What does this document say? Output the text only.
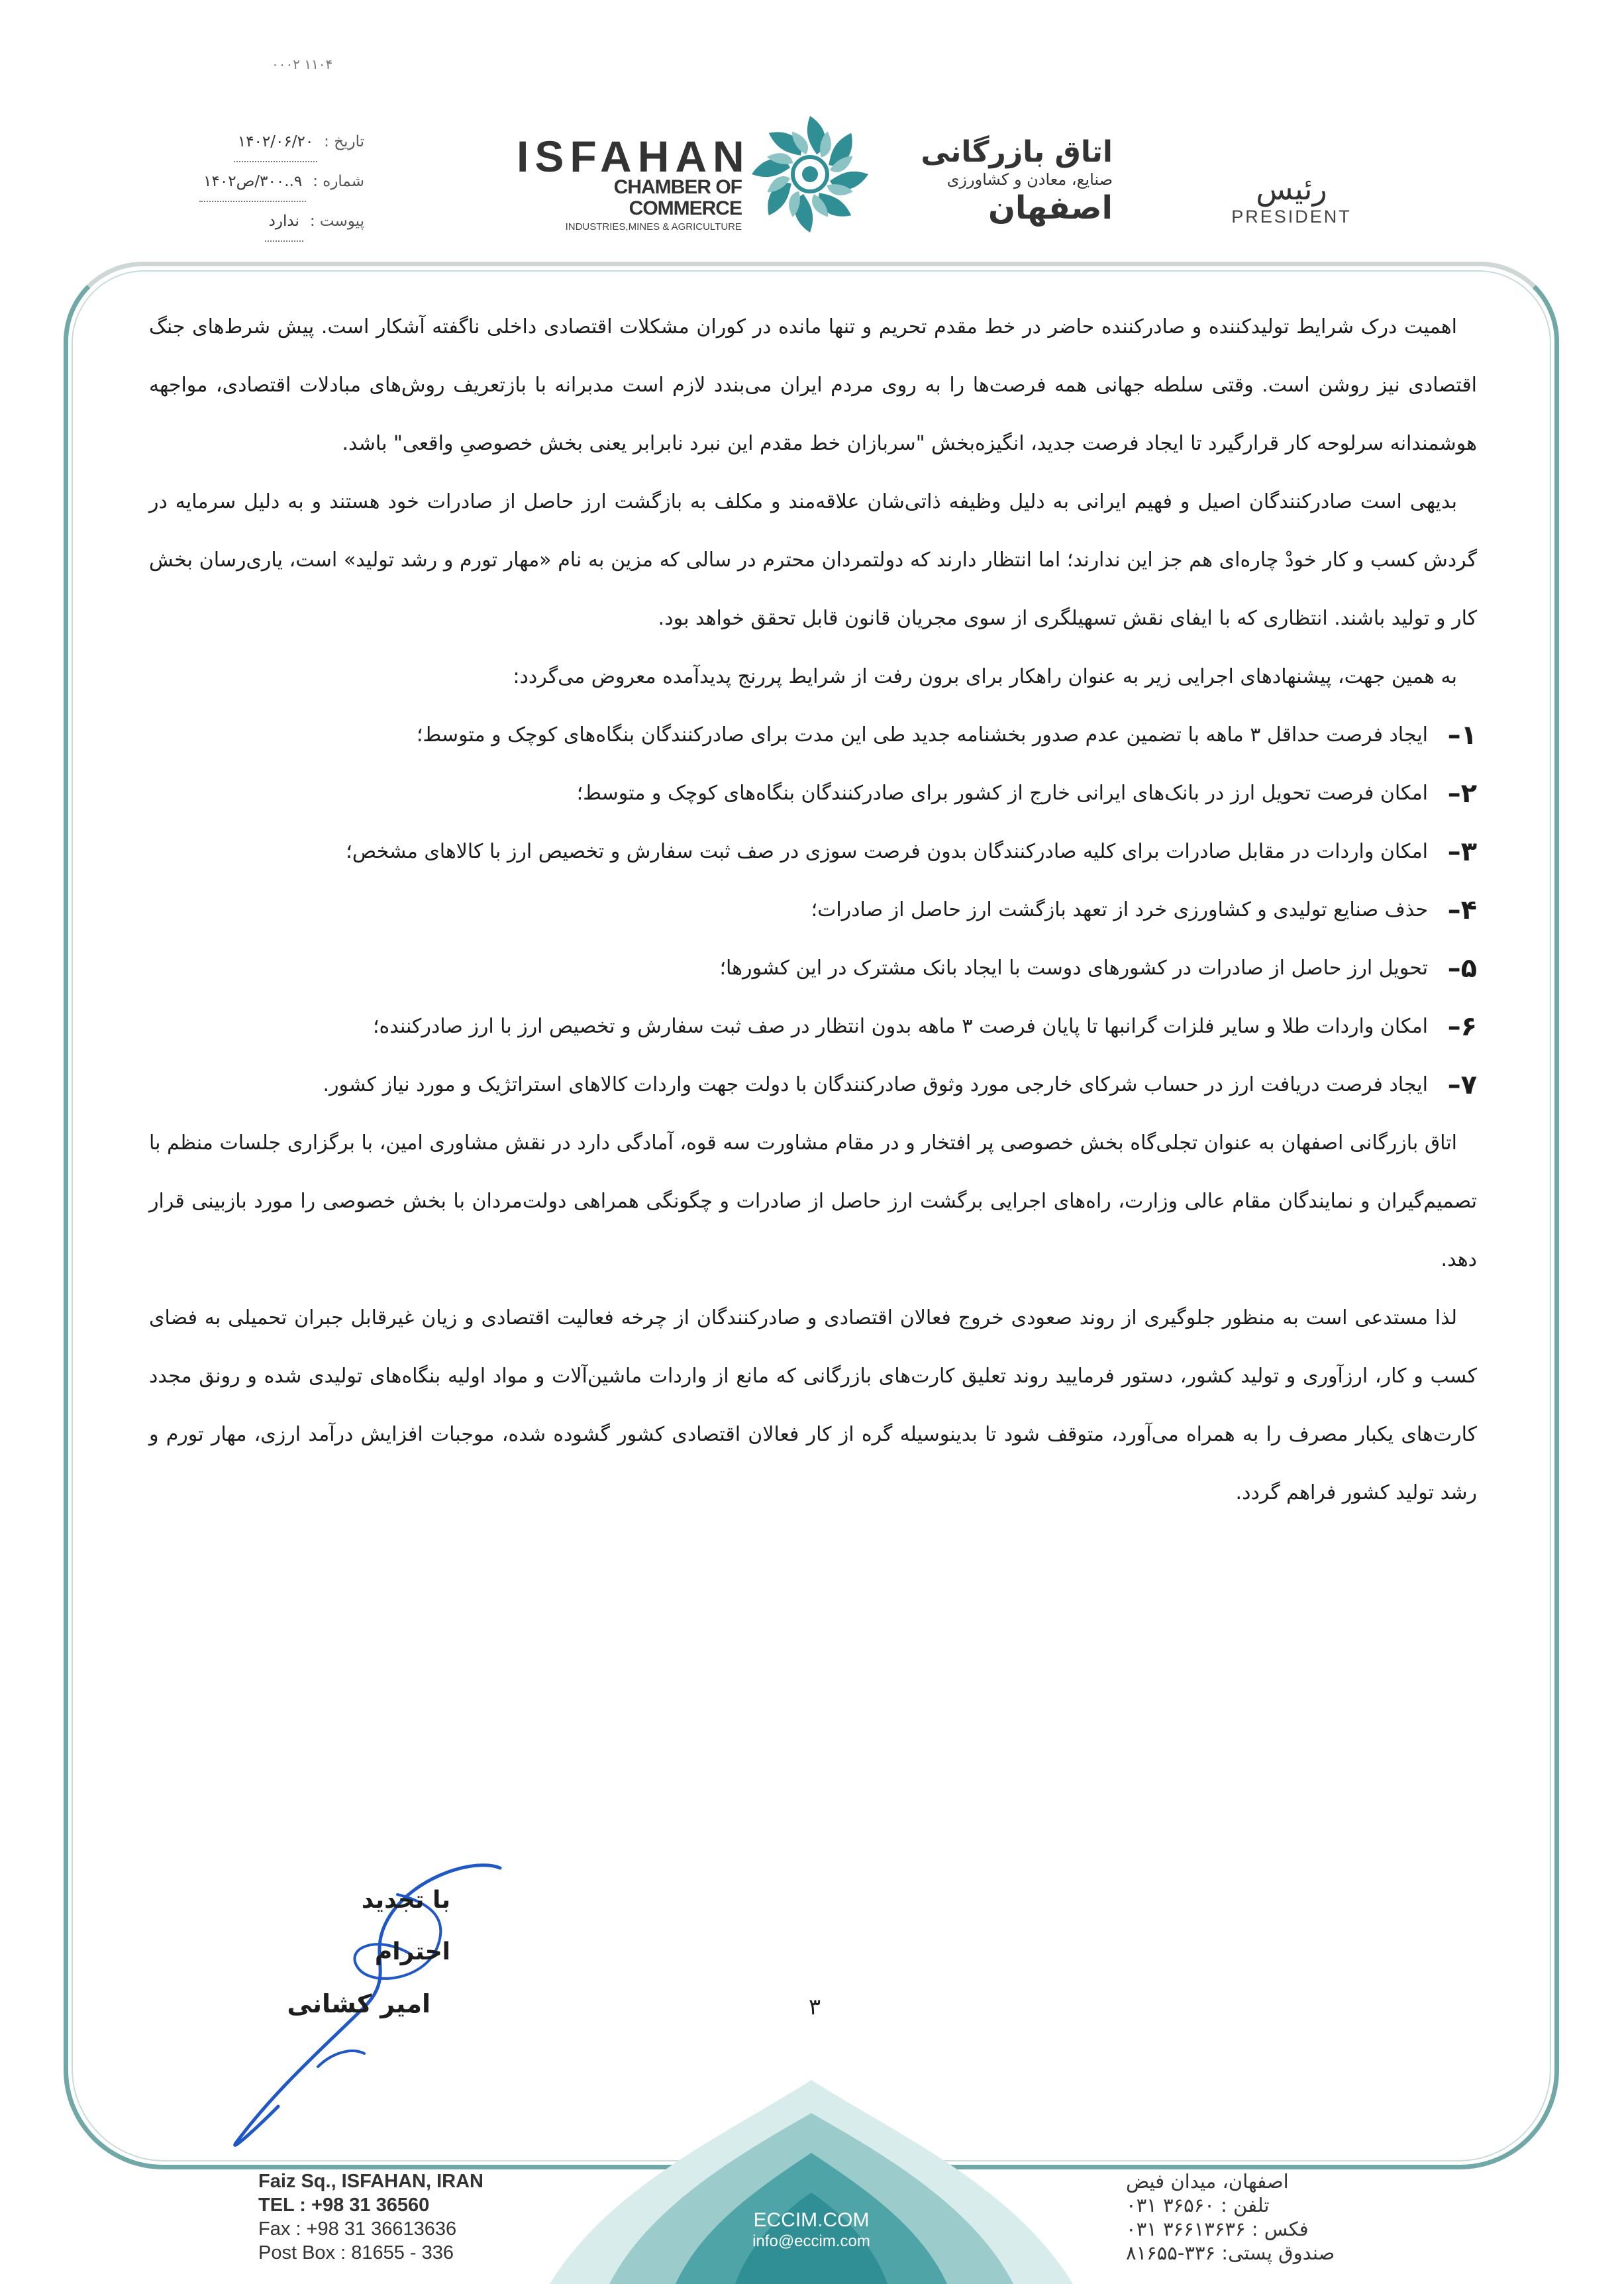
۰۰۰۲ ۱۱۰۴
تاریخ :
۱۴۰۲/۰۶/۲۰
شماره :
۹..۳۰۰/ص۱۴۰۲
پیوست :
ندارد
ISFAHAN
CHAMBER OF COMMERCE
INDUSTRIES,MINES & AGRICULTURE
اتاق بازرگانی
صنایع، معادن و کشاورزی
اصفهان
رئیس
PRESIDENT

اهمیت درک شرایط تولیدکننده و صادرکننده حاضر در خط مقدم تحریم و تنها مانده در کوران مشکلات اقتصادی داخلی ناگفته آشکار است. پیش شرط‌های جنگ اقتصادی نیز روشن است. وقتی سلطه جهانی همه فرصت‌ها را به روی مردم ایران می‌بندد لازم است مدبرانه با بازتعریف روش‌های مبادلات اقتصادی، مواجهه هوشمندانه سرلوحه کار قرارگیرد تا ایجاد فرصت جدید، انگیزه‌بخش "سربازان خط مقدم این نبرد نابرابر یعنی بخش خصوصیِ واقعی" باشد.

بدیهی است صادرکنندگان اصیل و فهیم ایرانی به دلیل وظیفه ذاتی‌شان علاقه‌مند و مکلف به بازگشت ارز حاصل از صادرات خود هستند و به دلیل سرمایه در گردش کسب و کار خودْ چاره‌ای هم جز این ندارند؛ اما انتظار دارند که دولتمردان محترم در سالی که مزین به نام «مهار تورم و رشد تولید» است، یاری‌رسان بخش کار و تولید باشند. انتظاری که با ایفای نقش تسهیلگری از سوی مجریان قانون قابل تحقق خواهد بود.

به همین جهت، پیشنهادهای اجرایی زیر به عنوان راهکار برای برون رفت از شرایط پررنج پدیدآمده معروض می‌گردد:

۱–
ایجاد فرصت حداقل ۳ ماهه با تضمین عدم صدور بخشنامه جدید طی این مدت برای صادرکنندگان بنگاه‌های کوچک و متوسط؛
۲–
امکان فرصت تحویل ارز در بانک‌های ایرانی خارج از کشور برای صادرکنندگان بنگاه‌های کوچک و متوسط؛
۳–
امکان واردات در مقابل صادرات برای کلیه صادرکنندگان بدون فرصت سوزی در صف ثبت سفارش و تخصیص ارز با کالاهای مشخص؛
۴–
حذف صنایع تولیدی و کشاورزی خرد از تعهد بازگشت ارز حاصل از صادرات؛
۵–
تحویل ارز حاصل از صادرات در کشورهای دوست با ایجاد بانک مشترک در این کشورها؛
۶–
امکان واردات طلا و سایر فلزات گرانبها تا پایان فرصت ۳ ماهه بدون انتظار در صف ثبت سفارش و تخصیص ارز با ارز صادرکننده؛
۷–
ایجاد فرصت دریافت ارز در حساب شرکای خارجی مورد وثوق صادرکنندگان با دولت جهت واردات کالاهای استراتژیک و مورد نیاز کشور.

اتاق بازرگانی اصفهان به عنوان تجلی‌گاه بخش خصوصی پر افتخار و در مقام مشاورت سه قوه، آمادگی دارد در نقش مشاوری امین، با برگزاری جلسات منظم با تصمیم‌گیران و نمایندگان مقام عالی وزارت، راه‌های اجرایی برگشت ارز حاصل از صادرات و چگونگی همراهی دولت‌مردان با بخش خصوصی را مورد بازبینی قرار دهد.

لذا مستدعی است به منظور جلوگیری از روند صعودی خروج فعالان اقتصادی و صادرکنندگان از چرخه فعالیت اقتصادی و زیان غیرقابل جبران تحمیلی به فضای کسب و کار، ارزآوری و تولید کشور، دستور فرمایید روند تعلیق کارت‌های بازرگانی که مانع از واردات ماشین‌آلات و مواد اولیه بنگاه‌های تولیدی شده و رونق مجدد کارت‌های یکبار مصرف را به همراه می‌آورد، متوقف شود تا بدینوسیله گره از کار فعالان اقتصادی کشور گشوده شده، موجبات افزایش درآمد ارزی، مهار تورم و رشد تولید کشور فراهم گردد.

با تجدید احترام
امیر کشانی	۳
ECCIM.COM
info@eccim.com
Faiz Sq., ISFAHAN, IRAN
TEL : +98 31 36560
Fax : +98 31 36613636
Post Box : 81655 - 336
اصفهان، میدان فیض
تلفن : ۳۶۵۶۰ ۰۳۱
فکس : ۳۶۶۱۳۶۳۶ ۰۳۱
صندوق پستی: ۳۳۶-۸۱۶۵۵
